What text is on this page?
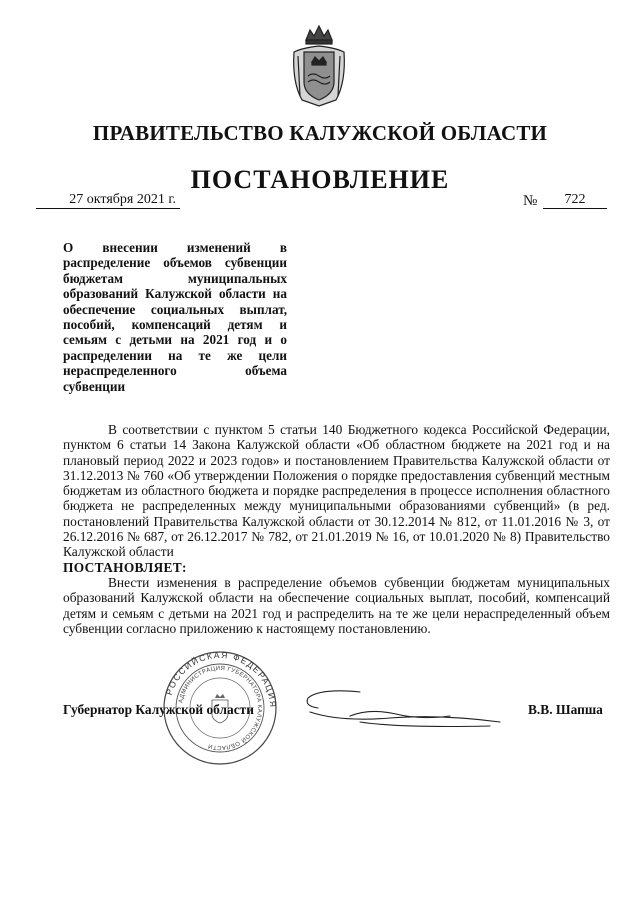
ПРАВИТЕЛЬСТВО КАЛУЖСКОЙ ОБЛАСТИ
ПОСТАНОВЛЕНИЕ
27 октября 2021 г.	№	722
О внесении изменений в распределение объемов субвенции бюджетам муниципальных образований Калужской области на обеспечение социальных выплат, пособий, компенсаций детям и семьям с детьми на 2021 год и о распределении на те же цели нераспределенного объема субвенции

В соответствии с пунктом 5 статьи 140 Бюджетного кодекса Российской Федерации, пунктом 6 статьи 14 Закона Калужской области «Об областном бюджете на 2021 год и на плановый период 2022 и 2023 годов» и постановлением Правительства Калужской области от 31.12.2013 № 760 «Об утверждении Положения о порядке предоставления субвенций местным бюджетам из областного бюджета и порядке распределения в процессе исполнения областного бюджета не распределенных между муниципальными образованиями субвенций» (в ред. постановлений Правительства Калужской области от 30.12.2014 № 812, от 11.01.2016 № 3, от 26.12.2016 № 687, от 26.12.2017 № 782, от 21.01.2019 № 16, от 10.01.2020 № 8) Правительство Калужской области
ПОСТАНОВЛЯЕТ:

Внести изменения в распределение объемов субвенции бюджетам муниципальных образований Калужской области на обеспечение социальных выплат, пособий, компенсаций детям и семьям с детьми на 2021 год и распределить на те же цели нераспределенный объем субвенции согласно приложению к настоящему постановлению.

РОССИЙСКАЯ ФЕДЕРАЦИЯ
АДМИНИСТРАЦИЯ ГУБЕРНАТОРА КАЛУЖСКОЙ ОБЛАСТИ
Губернатор Калужской области	В.В. Шапша
